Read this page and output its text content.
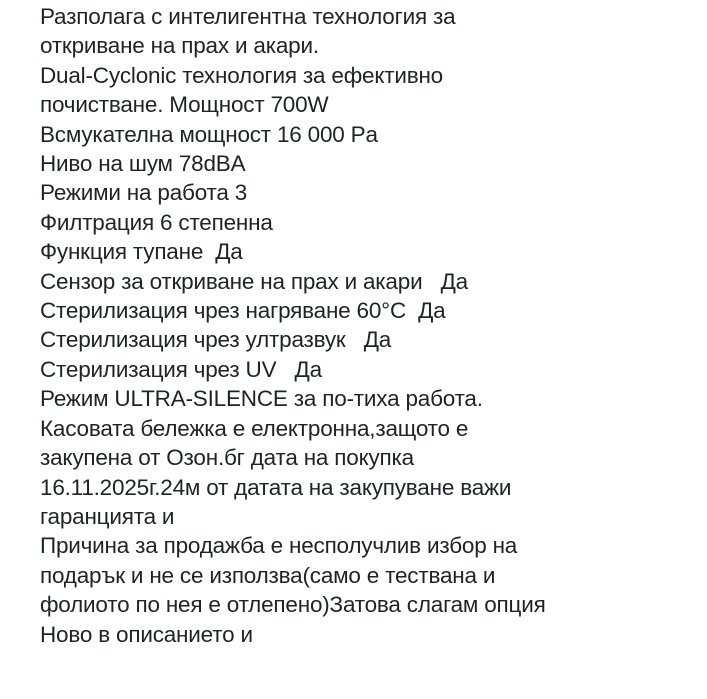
Разполага с интелигентна технология за
откриване на прах и акари.
Dual-Cyclonic технология за ефективно
почистване. Мощност 700W
Всмукателна мощност 16 000 Pa
Ниво на шум 78dBA
Режими на работа 3
Филтрация 6 степенна
Функция тупане  Да
Сензор за откриване на прах и акари   Да
Стерилизация чрез нагряване 60°C  Да
Стерилизация чрез ултразвук   Да
Стерилизация чрез UV   Да
Режим ULTRA-SILENCE за по-тиха работа.
Касовата бележка е електронна,защото е
закупена от Озон.бг дата на покупка
16.11.2025г.24м от датата на закупуване важи
гаранцията и
Причина за продажба е несполучлив избор на
подарък и не се използва(само е тествана и
фолиото по нея е отлепено)Затова слагам опция
Ново в описанието и
